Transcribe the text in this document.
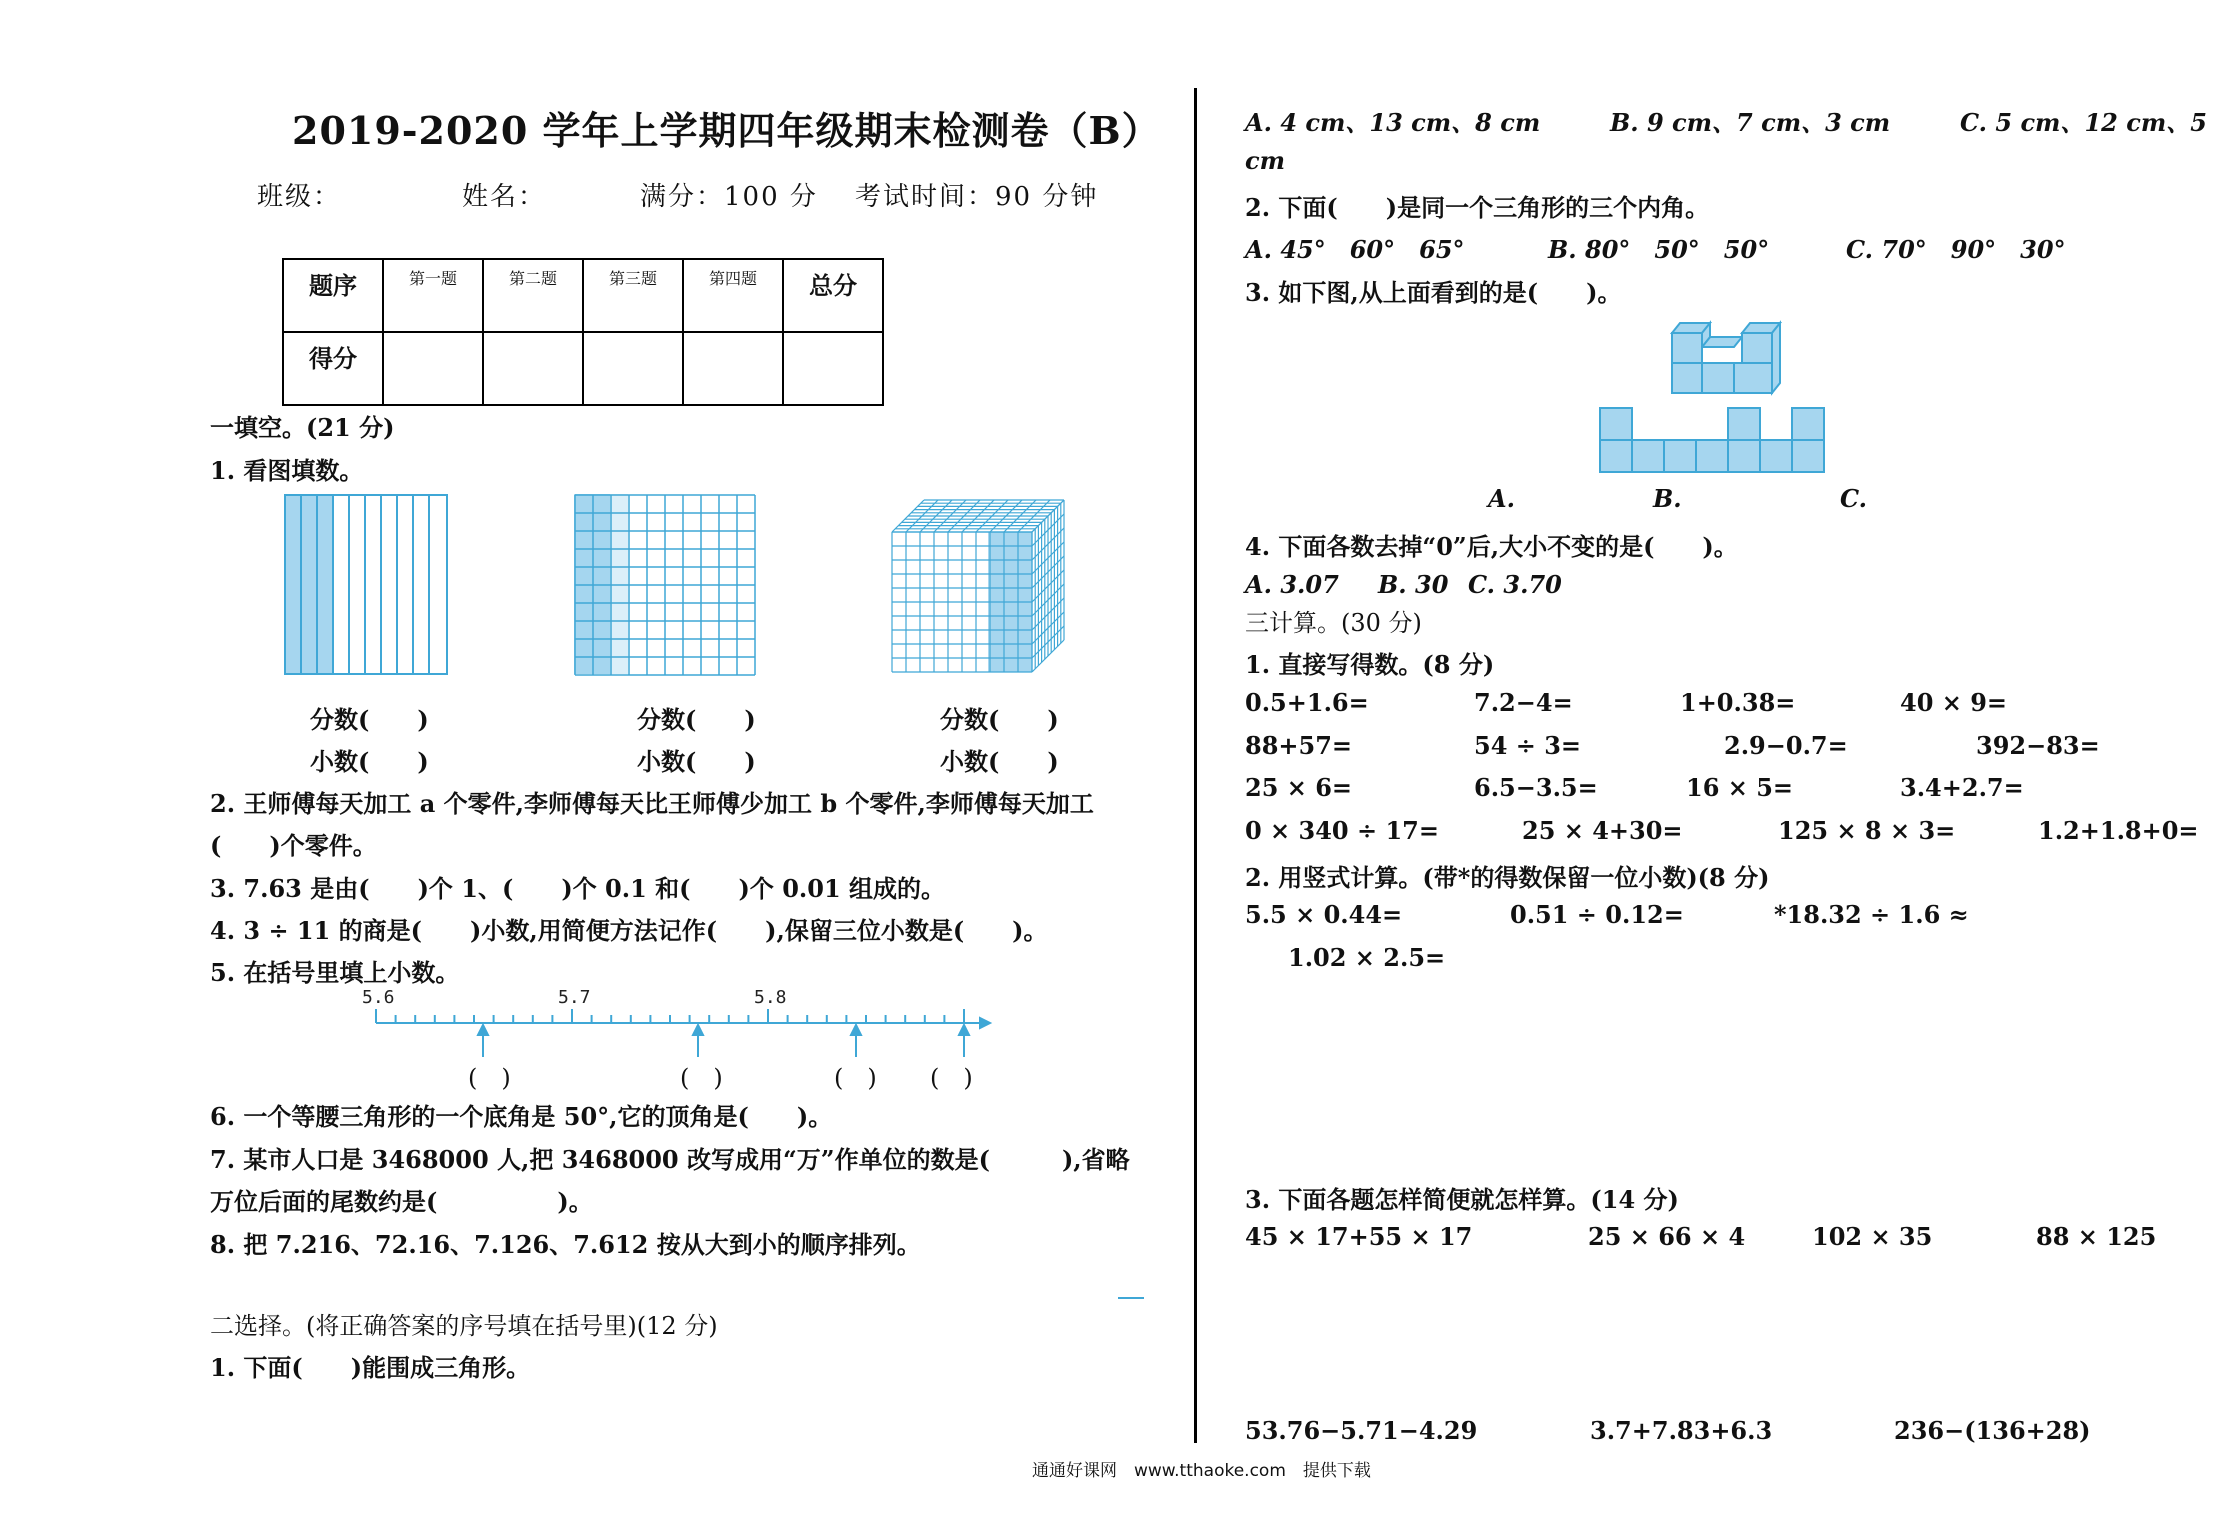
2019-2020 学年上学期四年级期末检测卷（B）
班级：	姓名：	满分：100 分 考试时间：90 分钟
题序	第一题	第二题	第三题	第四题	总分
得分					
一填空。(21 分)
1. 看图填数。
分数(　　)
小数(　　)
分数(　　)
小数(　　)
分数(　　)
小数(　　)
2. 王师傅每天加工 a 个零件,李师傅每天比王师傅少加工 b 个零件,李师傅每天加工
(　　)个零件。
3. 7.63 是由(　　)个 1、(　　)个 0.1 和(　　)个 0.01 组成的。
4. 3 ÷ 11 的商是(　　)小数,用简便方法记作(　　),保留三位小数是(　　)。
5. 在括号里填上小数。
5.6	5.7	5.8
(　)	(　)	(　) (　)
6. 一个等腰三角形的一个底角是 50°,它的顶角是(　　)。
7. 某市人口是 3468000 人,把 3468000 改写成用“万”作单位的数是(　　　),省略
万位后面的尾数约是(　　　　　)。
8. 把 7.216、72.16、7.126、7.612 按从大到小的顺序排列。
二选择。(将正确答案的序号填在括号里)(12 分)
1. 下面(　　)能围成三角形。
A. 4 cm、13 cm、8 cm	B. 9 cm、7 cm、3 cm	C. 5 cm、12 cm、5
cm
2. 下面(　　)是同一个三角形的三个内角。
A. 45°　60°　65°	B. 80°　50°　50°	C. 70°　90°　30°
3. 如下图,从上面看到的是(　　)。
A.	B.	C.
4. 下面各数去掉“0”后,大小不变的是(　　)。
A. 3.07 B. 30 C. 3.70
三计算。(30 分)
1. 直接写得数。(8 分)
0.5+1.6=	7.2−4=	1+0.38=	40 × 9=
88+57=	54 ÷ 3=	2.9−0.7=	392−83=
25 × 6=	6.5−3.5=	16 × 5=	3.4+2.7=
0 × 340 ÷ 17=	25 × 4+30=	125 × 8 × 3=	1.2+1.8+0=
2. 用竖式计算。(带*的得数保留一位小数)(8 分)
5.5 × 0.44=	0.51 ÷ 0.12=	*18.32 ÷ 1.6 ≈
1.02 × 2.5=
3. 下面各题怎样简便就怎样算。(14 分)
45 × 17+55 × 17	25 × 66 × 4	102 × 35	88 × 125
53.76−5.71−4.29	3.7+7.83+6.3	236−(136+28)
通通好课网　www.tthaoke.com　提供下载
